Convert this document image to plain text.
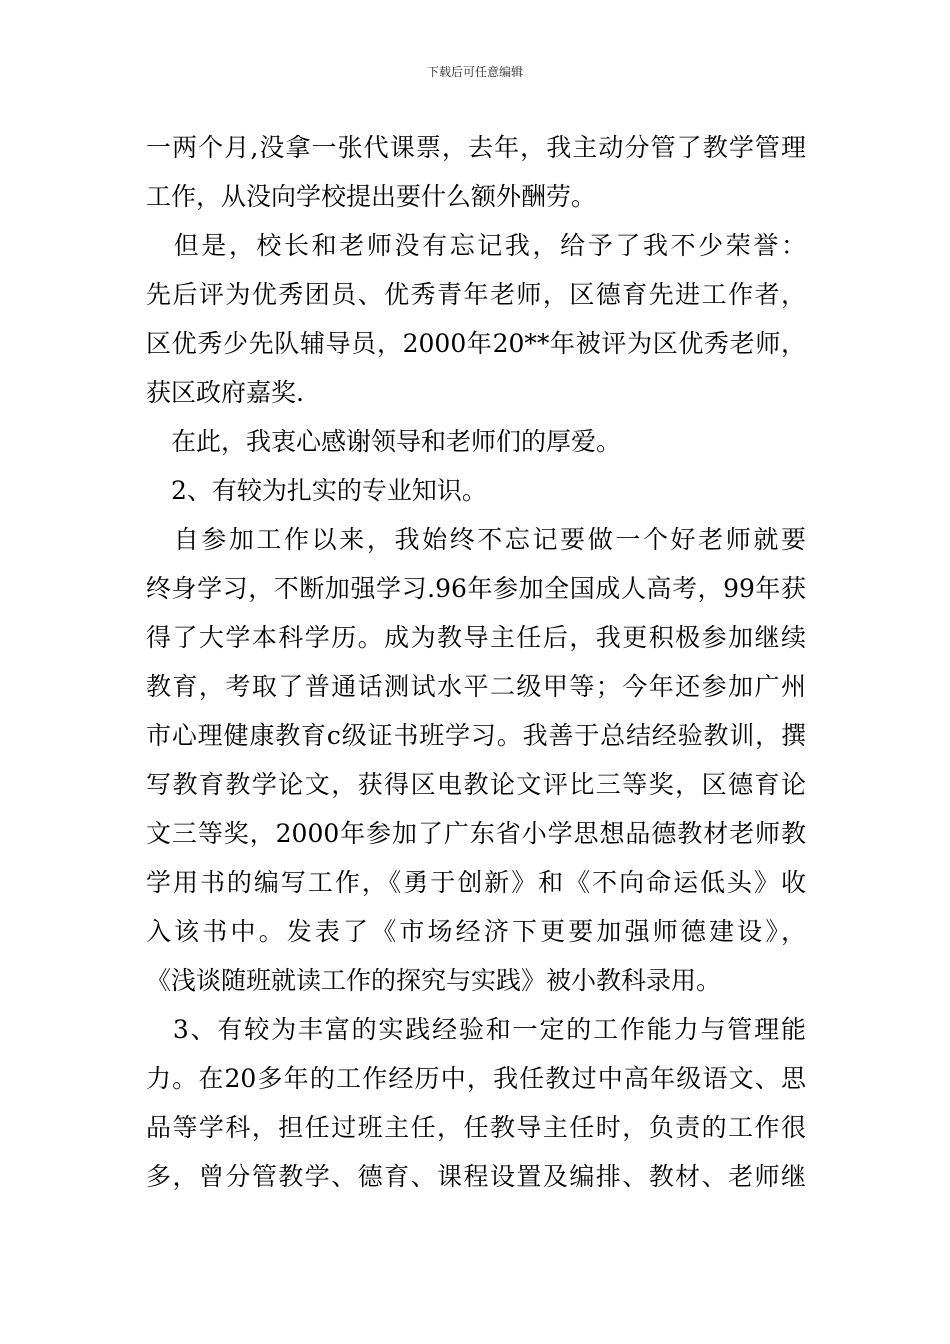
下载后可任意编辑
一两个月,没拿一张代课票，去年，我主动分管了教学管理
工作，从没向学校提出要什么额外酬劳。
　但是，校长和老师没有忘记我，给予了我不少荣誉：
先后评为优秀团员、优秀青年老师，区德育先进工作者，
区优秀少先队辅导员，2000年20**年被评为区优秀老师，
获区政府嘉奖.
　在此，我衷心感谢领导和老师们的厚爱。
　2、有较为扎实的专业知识。
　自参加工作以来，我始终不忘记要做一个好老师就要
终身学习，不断加强学习.96年参加全国成人高考，99年获
得了大学本科学历。成为教导主任后，我更积极参加继续
教育，考取了普通话测试水平二级甲等；今年还参加广州
市心理健康教育c级证书班学习。我善于总结经验教训，撰
写教育教学论文，获得区电教论文评比三等奖，区德育论
文三等奖，2000年参加了广东省小学思想品德教材老师教
学用书的编写工作，《勇于创新》和《不向命运低头》收
入该书中。发表了《市场经济下更要加强师德建设》，
《浅谈随班就读工作的探究与实践》被小教科录用。
　3、有较为丰富的实践经验和一定的工作能力与管理能
力。在20多年的工作经历中，我任教过中高年级语文、思
品等学科，担任过班主任，任教导主任时，负责的工作很
多，曾分管教学、德育、课程设置及编排、教材、老师继
